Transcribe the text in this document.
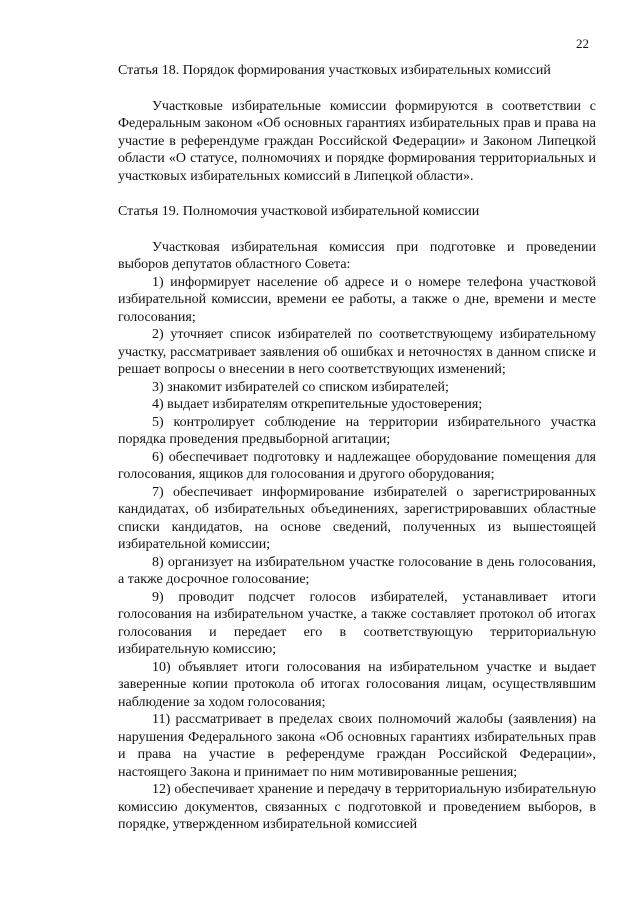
22

Статья 18. Порядок формирования участковых избирательных комиссий

Участковые избирательные комиссии формируются в соответствии с Федеральным законом «Об основных гарантиях избирательных прав и права на участие в референдуме граждан Российской Федерации» и Законом Липецкой области «О статусе, полномочиях и порядке формирования территориальных и участковых избирательных комиссий в Липецкой области».

Статья 19. Полномочия участковой избирательной комиссии

Участковая избирательная комиссия при подготовке и проведении выборов депутатов областного Совета:

1) информирует население об адресе и о номере телефона участковой избирательной комиссии, времени ее работы, а также о дне, времени и месте голосования;

2) уточняет список избирателей по соответствующему избирательному участку, рассматривает заявления об ошибках и неточностях в данном списке и решает вопросы о внесении в него соответствующих изменений;

3) знакомит избирателей со списком избирателей;

4) выдает избирателям открепительные удостоверения;

5) контролирует соблюдение на территории избирательного участка порядка проведения предвыборной агитации;

6) обеспечивает подготовку и надлежащее оборудование помещения для голосования, ящиков для голосования и другого оборудования;

7) обеспечивает информирование избирателей о зарегистрированных кандидатах, об избирательных объединениях, зарегистрировавших областные списки кандидатов, на основе сведений, полученных из вышестоящей избирательной комиссии;

8) организует на избирательном участке голосование в день голосования, а также досрочное голосование;

9) проводит подсчет голосов избирателей, устанавливает итоги голосования на избирательном участке, а также составляет протокол об итогах голосования и передает его в соответствующую территориальную избирательную комиссию;

10) объявляет итоги голосования на избирательном участке и выдает заверенные копии протокола об итогах голосования лицам, осуществлявшим наблюдение за ходом голосования;

11) рассматривает в пределах своих полномочий жалобы (заявления) на нарушения Федерального закона «Об основных гарантиях избирательных прав и права на участие в референдуме граждан Российской Федерации», настоящего Закона и принимает по ним мотивированные решения;

12) обеспечивает хранение и передачу в территориальную избирательную комиссию документов, связанных с подготовкой и проведением выборов, в порядке, утвержденном избирательной комиссией
